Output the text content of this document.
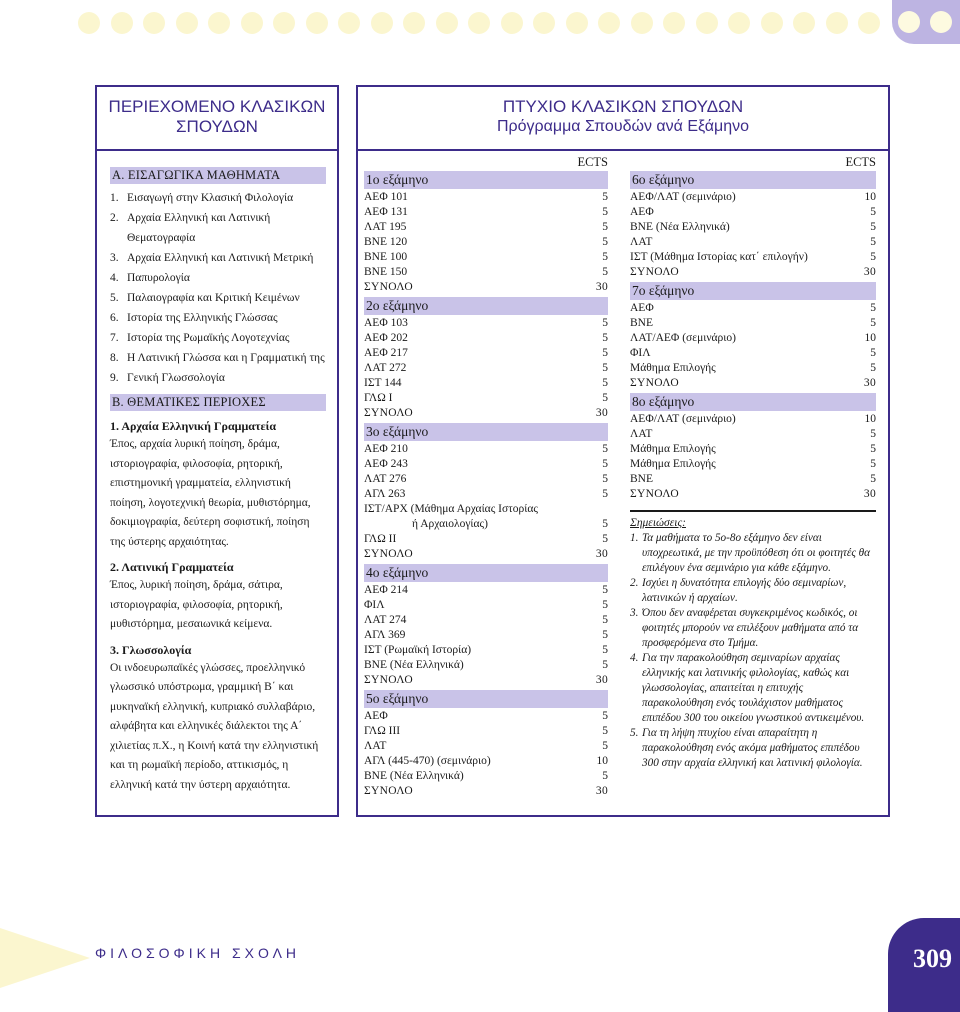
ΠΕΡΙΕΧΟΜΕΝΟ ΚΛΑΣΙΚΩΝ ΣΠΟΥΔΩΝ
Α. ΕΙΣΑΓΩΓΙΚΑ ΜΑΘΗΜΑΤΑ
1. Εισαγωγή στην Κλασική Φιλολογία
2. Αρχαία Ελληνική και Λατινική Θεματογραφία
3. Αρχαία Ελληνική και Λατινική Μετρική
4. Παπυρολογία
5. Παλαιογραφία και Κριτική Κειμένων
6. Ιστορία της Ελληνικής Γλώσσας
7. Ιστορία της Ρωμαϊκής Λογοτεχνίας
8. Η Λατινική Γλώσσα και η Γραμματική της
9. Γενική Γλωσσολογία
Β. ΘΕΜΑΤΙΚΕΣ ΠΕΡΙΟΧΕΣ
1. Αρχαία Ελληνική Γραμματεία
Έπος, αρχαία λυρική ποίηση, δράμα, ιστοριογραφία, φιλοσοφία, ρητορική, επιστημονική γραμματεία, ελληνιστική ποίηση, λογοτεχνική θεωρία, μυθιστόρημα, δοκιμιογραφία, δεύτερη σοφιστική, ποίηση της ύστερης αρχαιότητας.
2. Λατινική Γραμματεία
Έπος, λυρική ποίηση, δράμα, σάτιρα, ιστοριογραφία, φιλοσοφία, ρητορική, μυθιστόρημα, μεσαιωνικά κείμενα.
3. Γλωσσολογία
Οι ινδοευρωπαϊκές γλώσσες, προελληνικό γλωσσικό υπόστρωμα, γραμμική Β΄ και μυκηναϊκή ελληνική, κυπριακό συλλαβάριο, αλφάβητα και ελληνικές διάλεκτοι της Α΄ χιλιετίας π.Χ., η Κοινή κατά την ελληνιστική και τη ρωμαϊκή περίοδο, αττικισμός, η ελληνική κατά την ύστερη αρχαιότητα.
ΠΤΥΧΙΟ ΚΛΑΣΙΚΩΝ ΣΠΟΥΔΩΝ
Πρόγραμμα Σπουδών ανά Εξάμηνο
ECTS
1ο εξάμηνο
ΑΕΦ 101	5
ΑΕΦ 131	5
ΛΑΤ 195	5
ΒΝΕ 120	5
ΒΝΕ 100	5
ΒΝΕ 150	5
ΣΥΝΟΛΟ	30
2ο εξάμηνο
ΑΕΦ 103	5
ΑΕΦ 202	5
ΑΕΦ 217	5
ΛΑΤ 272	5
ΙΣΤ 144	5
ΓΛΩ Ι	5
ΣΥΝΟΛΟ	30
3ο εξάμηνο
ΑΕΦ 210	5
ΑΕΦ 243	5
ΛΑΤ 276	5
ΑΓΛ 263	5
ΙΣΤ/ΑΡΧ (Μάθημα Αρχαίας Ιστορίας
ή Αρχαιολογίας)	5
ΓΛΩ ΙΙ	5
ΣΥΝΟΛΟ	30
4ο εξάμηνο
ΑΕΦ 214	5
ΦΙΛ	5
ΛΑΤ 274	5
ΑΓΛ 369	5
ΙΣΤ (Ρωμαϊκή Ιστορία)	5
ΒΝΕ (Νέα Ελληνικά)	5
ΣΥΝΟΛΟ	30
5ο εξάμηνο
ΑΕΦ	5
ΓΛΩ ΙΙΙ	5
ΛΑΤ	5
ΑΓΛ (445-470) (σεμινάριο)	10
ΒΝΕ (Νέα Ελληνικά)	5
ΣΥΝΟΛΟ	30
ECTS
6ο εξάμηνο
ΑΕΦ/ΛΑΤ (σεμινάριο)	10
ΑΕΦ	5
ΒΝΕ (Νέα Ελληνικά)	5
ΛΑΤ	5
ΙΣΤ (Μάθημα Ιστορίας κατ΄ επιλογήν)	5
ΣΥΝΟΛΟ	30
7ο εξάμηνο
ΑΕΦ	5
ΒΝΕ	5
ΛΑΤ/ΑΕΦ (σεμινάριο)	10
ΦΙΛ	5
Μάθημα Επιλογής	5
ΣΥΝΟΛΟ	30
8ο εξάμηνο
ΑΕΦ/ΛΑΤ (σεμινάριο)	10
ΛΑΤ	5
Μάθημα Επιλογής	5
Μάθημα Επιλογής	5
ΒΝΕ	5
ΣΥΝΟΛΟ	30
Σημειώσεις:
1. Τα μαθήματα το 5ο-8ο εξάμηνο δεν είναι υποχρεωτικά, με την προϋπόθεση ότι οι φοιτητές θα επιλέγουν ένα σεμινάριο για κάθε εξάμηνο.
2. Ισχύει η δυνατότητα επιλογής δύο σεμιναρίων, λατινικών ή αρχαίων.
3. Όπου δεν αναφέρεται συγκεκριμένος κωδικός, οι φοιτητές μπορούν να επιλέξουν μαθήματα από τα προσφερόμενα στο Τμήμα.
4. Για την παρακολούθηση σεμιναρίων αρχαίας ελληνικής και λατινικής φιλολογίας, καθώς και γλωσσολογίας, απαιτείται η επιτυχής παρακολούθηση ενός τουλάχιστον μαθήματος επιπέδου 300 του οικείου γνωστικού αντικειμένου.
5. Για τη λήψη πτυχίου είναι απαραίτητη η παρακολούθηση ενός ακόμα μαθήματος επιπέδου 300 στην αρχαία ελληνική και λατινική φιλολογία.
ΦΙΛΟΣΟΦΙΚΗ ΣΧΟΛΗ	309
